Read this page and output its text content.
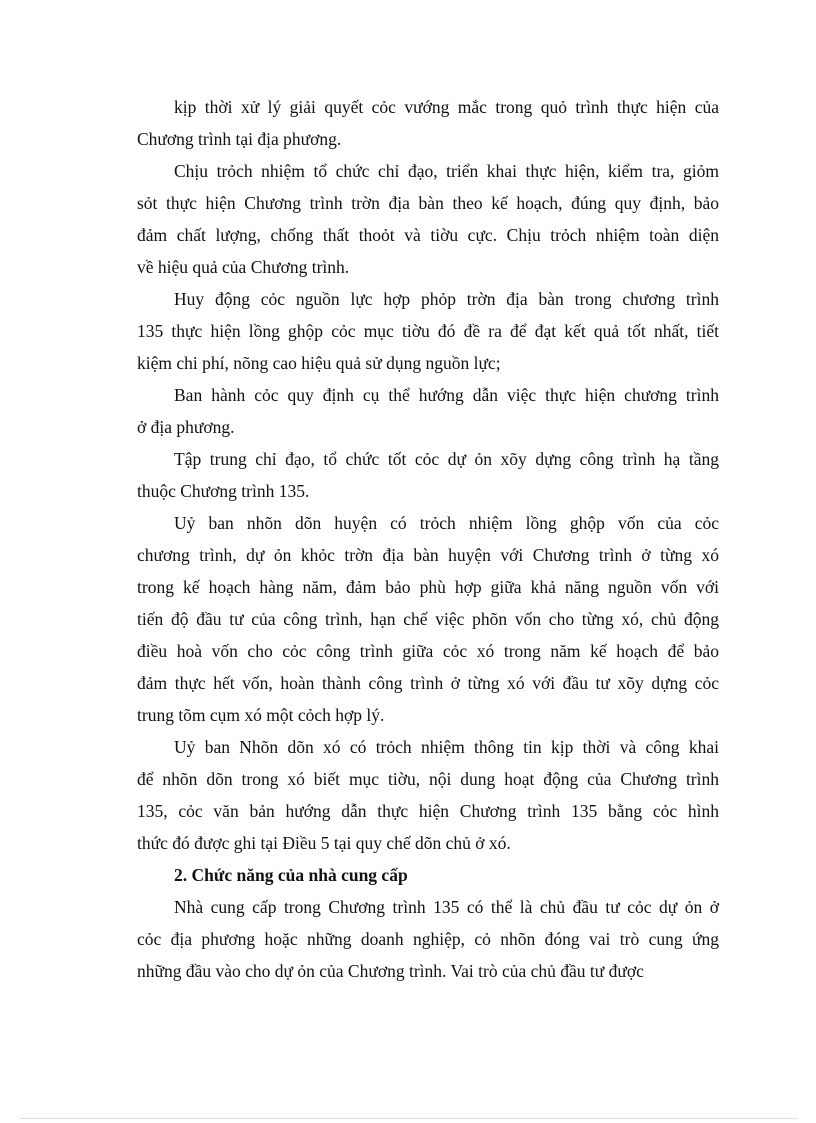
kịp thời xử lý giải quyết cỏc vướng mắc trong quỏ trình thực hiện của
Chương trình tại địa phương.

Chịu trỏch nhiệm tổ chức chỉ đạo, triển khai thực hiện, kiểm tra, giỏm
sỏt thực hiện Chương trình trờn địa bàn theo kế hoạch, đúng quy định, bảo
đảm chất lượng, chống thất thoỏt và tiờu cực. Chịu trỏch nhiệm toàn diện
về hiệu quả của Chương trình.

Huy động cỏc nguồn lực hợp phỏp trờn địa bàn trong chương trình
135 thực hiện lồng ghộp cỏc mục tiờu đó đề ra để đạt kết quả tốt nhất, tiết
kiệm chi phí, nõng cao hiệu quả sử dụng nguồn lực;

Ban hành cỏc quy định cụ thể hướng dẫn việc thực hiện chương trình
ở địa phương.

Tập trung chỉ đạo, tổ chức tốt cỏc dự ỏn xõy dựng công trình hạ tầng
thuộc Chương trình 135.

Uỷ ban nhõn dõn huyện có trỏch nhiệm lồng ghộp vốn của cỏc
chương trình, dự ỏn khỏc trờn địa bàn huyện với Chương trình ở từng xó
trong kế hoạch hàng năm, đảm bảo phù hợp giữa khả năng nguồn vốn với
tiến độ đầu tư của công trình, hạn chế việc phõn vốn cho từng xó, chủ động
điều hoà vốn cho cỏc công trình giữa cỏc xó trong năm kế hoạch để bảo
đảm thực hết vốn, hoàn thành công trình ở từng xó với đầu tư xõy dựng cỏc
trung tõm cụm xó một cỏch hợp lý.

Uỷ ban Nhõn dõn xó có trỏch nhiệm thông tin kịp thời và công khai
để nhõn dõn trong xó biết mục tiờu, nội dung hoạt động của Chương trình
135, cỏc văn bản hướng dẫn thực hiện Chương trình 135 bằng cỏc hình
thức đó được ghi tại Điều 5 tại quy chế dõn chủ ở xó.

2. Chức năng của nhà cung cấp

Nhà cung cấp trong Chương trình 135 có thể là chủ đầu tư cỏc dự ỏn ở
cỏc địa phương hoặc những doanh nghiệp, cỏ nhõn đóng vai trò cung ứng
những đầu vào cho dự ỏn của Chương trình. Vai trò của chủ đầu tư được
